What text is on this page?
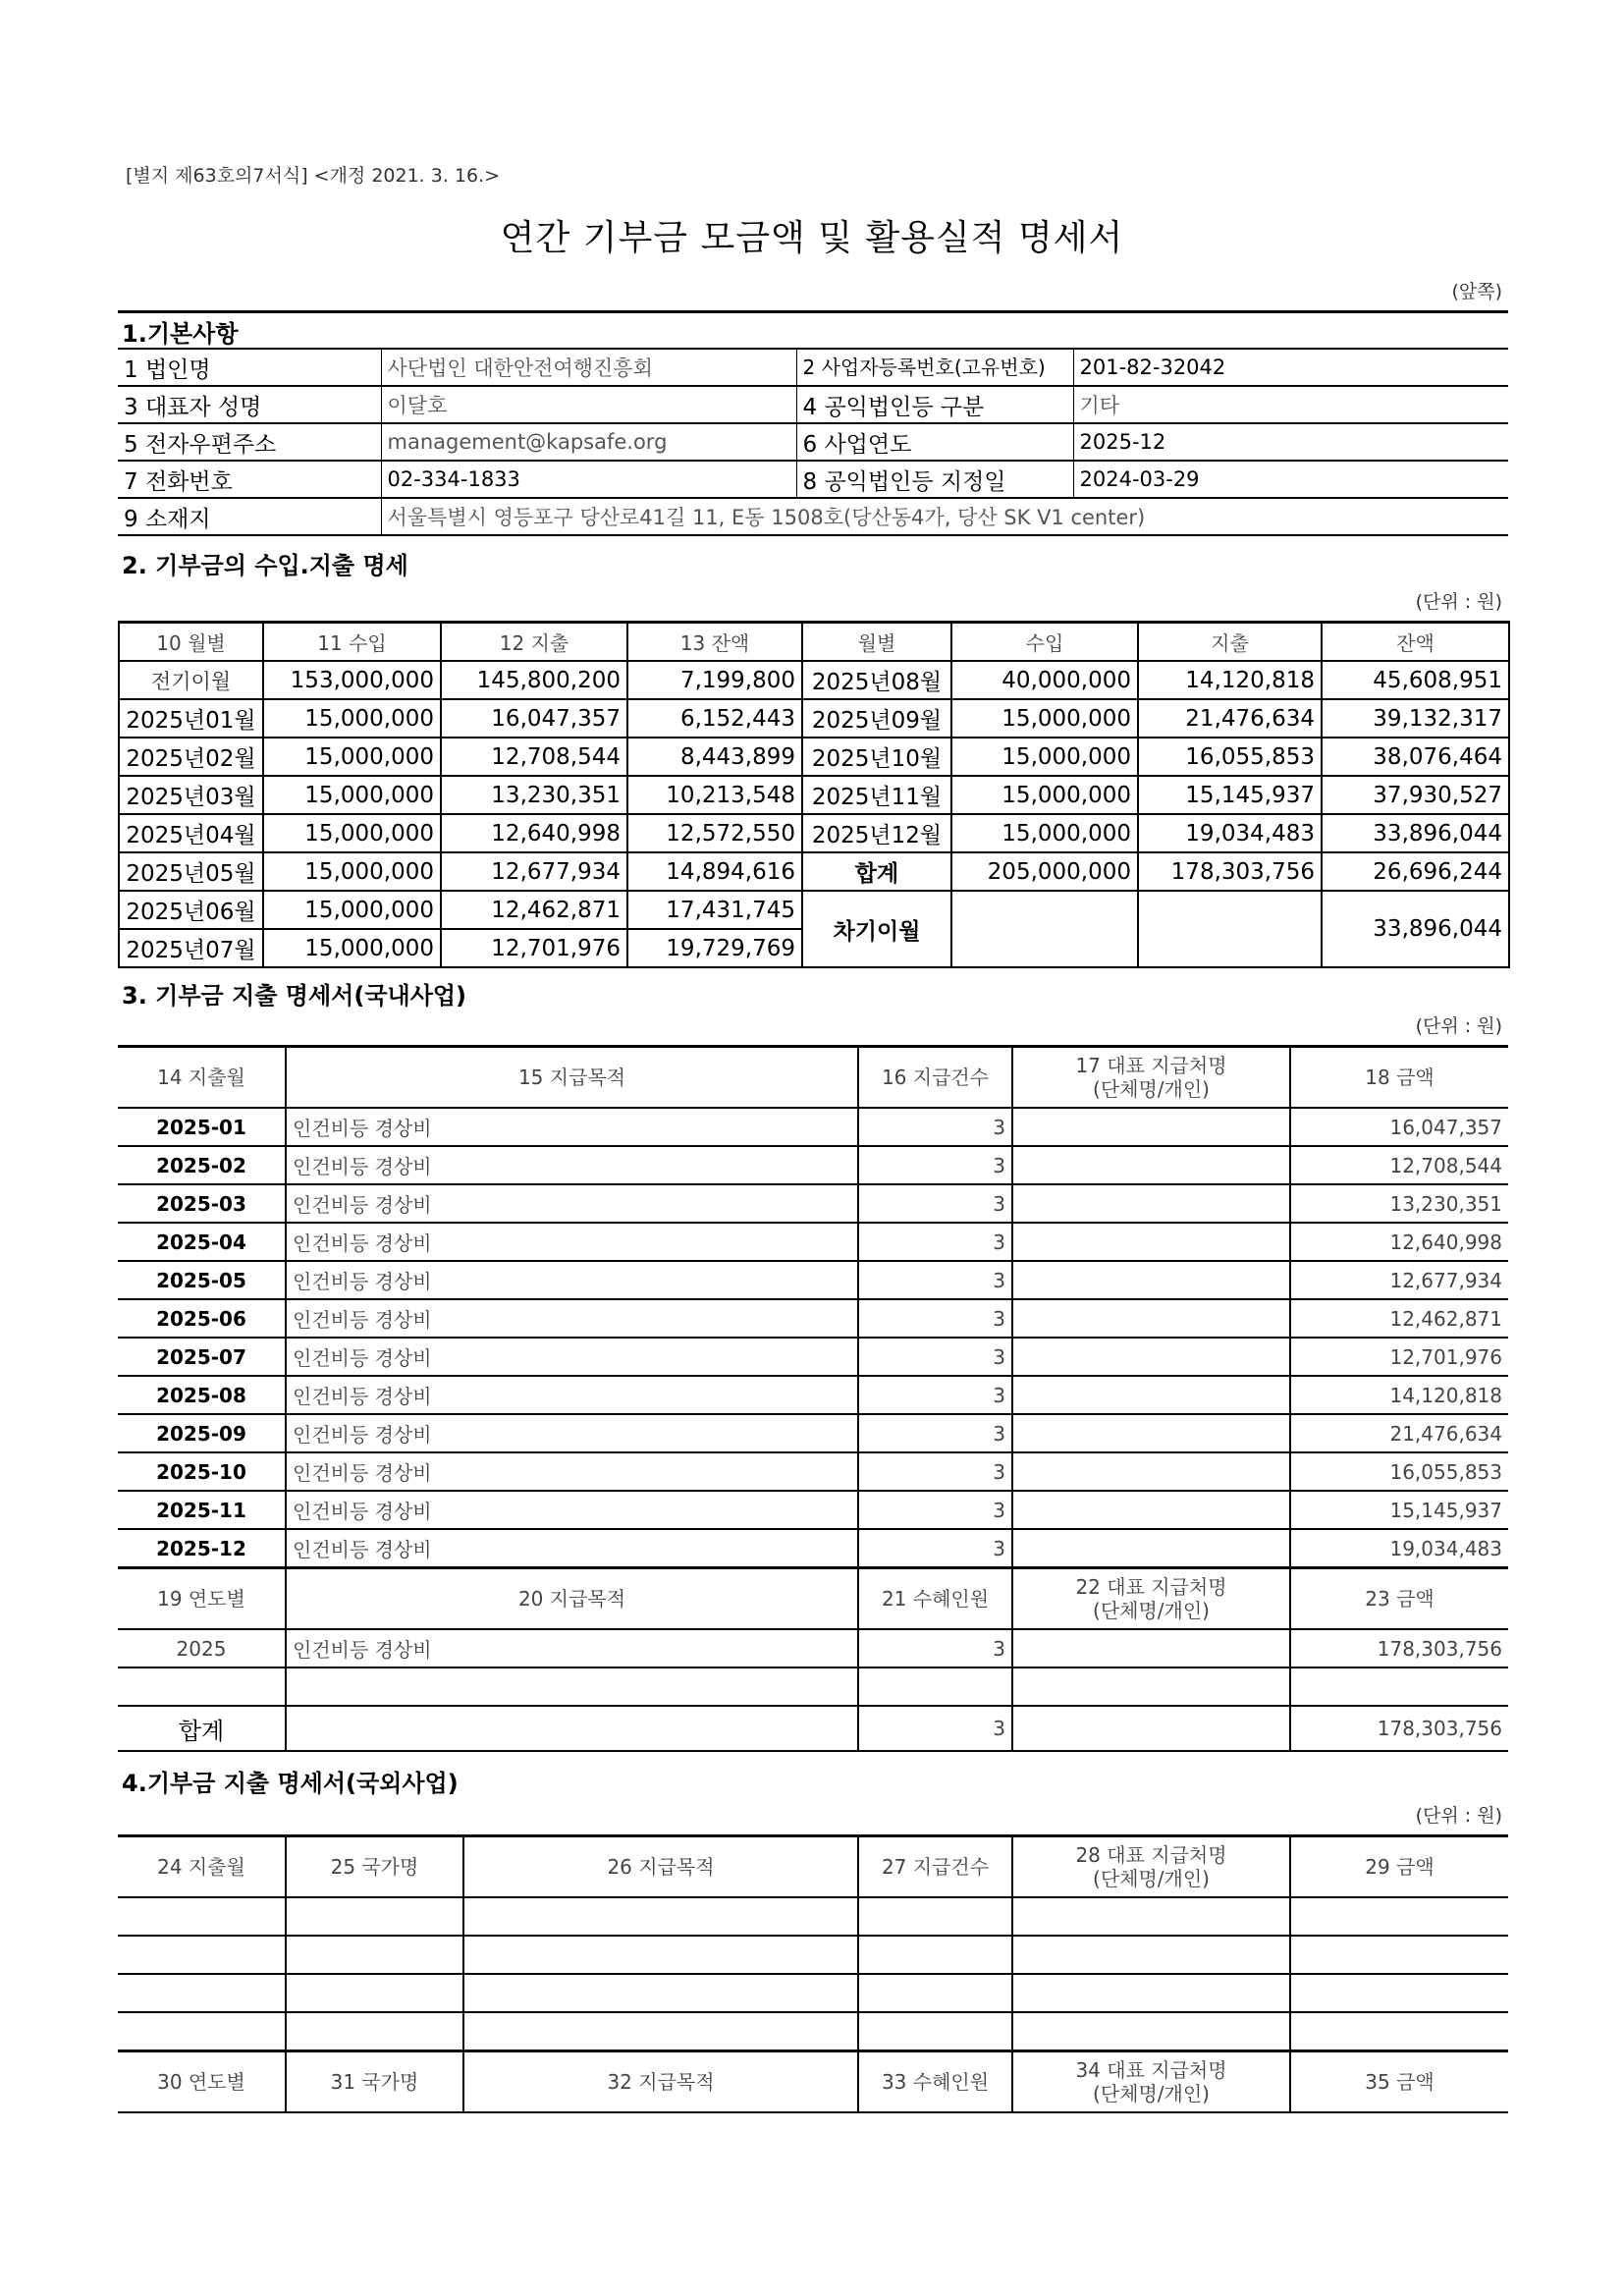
[별지 제63호의7서식] <개정 2021. 3. 16.>
연간 기부금 모금액 및 활용실적 명세서
(앞쪽)
1.기본사항
1 법인명	사단법인 대한안전여행진흥회	2 사업자등록번호(고유번호)	201-82-32042
3 대표자 성명	이달호	4 공익법인등 구분	기타
5 전자우편주소	management@kapsafe.org	6 사업연도	2025-12
7 전화번호	02-334-1833	8 공익법인등 지정일	2024-03-29
9 소재지	서울특별시 영등포구 당산로41길 11, E동 1508호(당산동4가, 당산 SK V1 center)		
2. 기부금의 수입.지출 명세
(단위 : 원)
10 월별	11 수입	12 지출	13 잔액	월별	수입	지출	잔액
전기이월	153,000,000	145,800,200	7,199,800	2025년08월	40,000,000	14,120,818	45,608,951
2025년01월	15,000,000	16,047,357	6,152,443	2025년09월	15,000,000	21,476,634	39,132,317
2025년02월	15,000,000	12,708,544	8,443,899	2025년10월	15,000,000	16,055,853	38,076,464
2025년03월	15,000,000	13,230,351	10,213,548	2025년11월	15,000,000	15,145,937	37,930,527
2025년04월	15,000,000	12,640,998	12,572,550	2025년12월	15,000,000	19,034,483	33,896,044
2025년05월	15,000,000	12,677,934	14,894,616	합계	205,000,000	178,303,756	26,696,244
2025년06월	15,000,000	12,462,871	17,431,745	차기이월			33,896,044
2025년07월	15,000,000	12,701,976	19,729,769				
3. 기부금 지출 명세서(국내사업)
(단위 : 원)
14 지출월	15 지급목적	16 지급건수	17 대표 지급처명
(단체명/개인)	18 금액
2025-01	인건비등 경상비	3		16,047,357
2025-02	인건비등 경상비	3		12,708,544
2025-03	인건비등 경상비	3		13,230,351
2025-04	인건비등 경상비	3		12,640,998
2025-05	인건비등 경상비	3		12,677,934
2025-06	인건비등 경상비	3		12,462,871
2025-07	인건비등 경상비	3		12,701,976
2025-08	인건비등 경상비	3		14,120,818
2025-09	인건비등 경상비	3		21,476,634
2025-10	인건비등 경상비	3		16,055,853
2025-11	인건비등 경상비	3		15,145,937
2025-12	인건비등 경상비	3		19,034,483
19 연도별	20 지급목적	21 수혜인원	22 대표 지급처명
(단체명/개인)	23 금액
2025	인건비등 경상비	3		178,303,756

합계		3		178,303,756
4.기부금 지출 명세서(국외사업)
(단위 : 원)
24 지출월	25 국가명	26 지급목적	27 지급건수	28 대표 지급처명
(단체명/개인)	29 금액

30 연도별	31 국가명	32 지급목적	33 수혜인원	34 대표 지급처명
(단체명/개인)	35 금액
